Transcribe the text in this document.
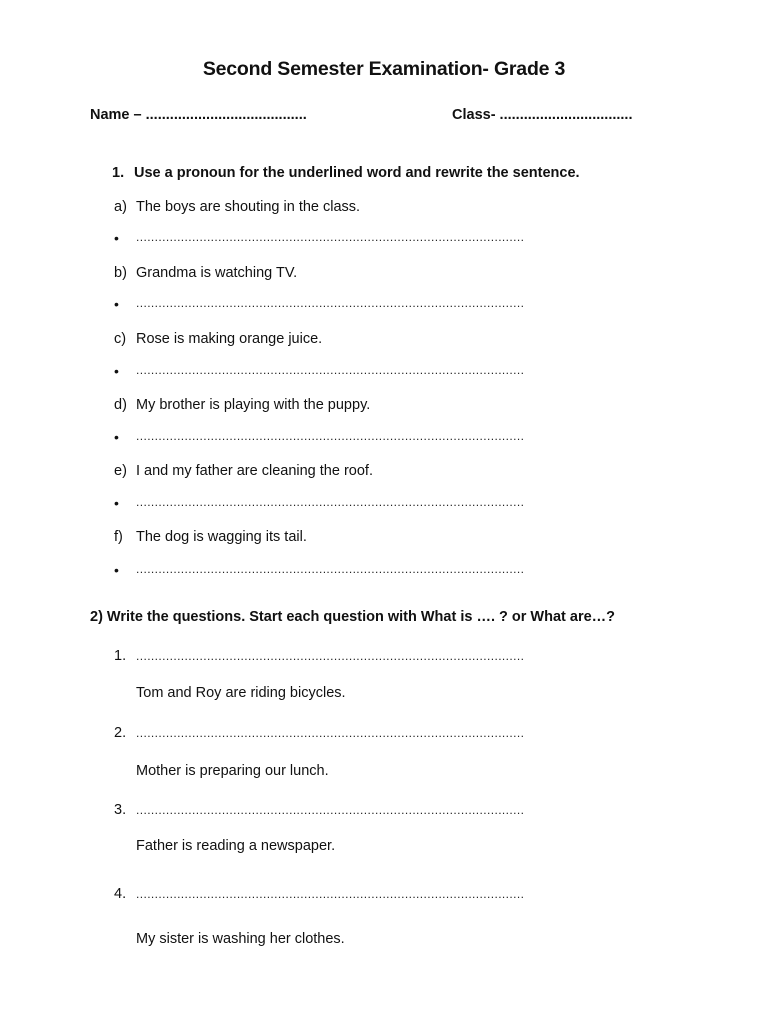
Second Semester Examination- Grade 3
Name – ........................................	Class- .................................
1. Use a pronoun for the underlined word and rewrite the sentence.
a) The boys are shouting in the class.
• ........................................................................................................
b) Grandma is watching TV.
• ........................................................................................................
c) Rose is making orange juice.
• ........................................................................................................
d) My brother is playing with the puppy.
• ........................................................................................................
e) I and my father are cleaning the roof.
• ........................................................................................................
f) The dog is wagging its tail.
• ........................................................................................................
2) Write the questions. Start each question with What is …. ? or What are…?
1. ........................................................................................................
Tom and Roy are riding bicycles.
2. ........................................................................................................
Mother is preparing our lunch.
3. ........................................................................................................
Father is reading a newspaper.
4. ........................................................................................................
My sister is washing her clothes.
